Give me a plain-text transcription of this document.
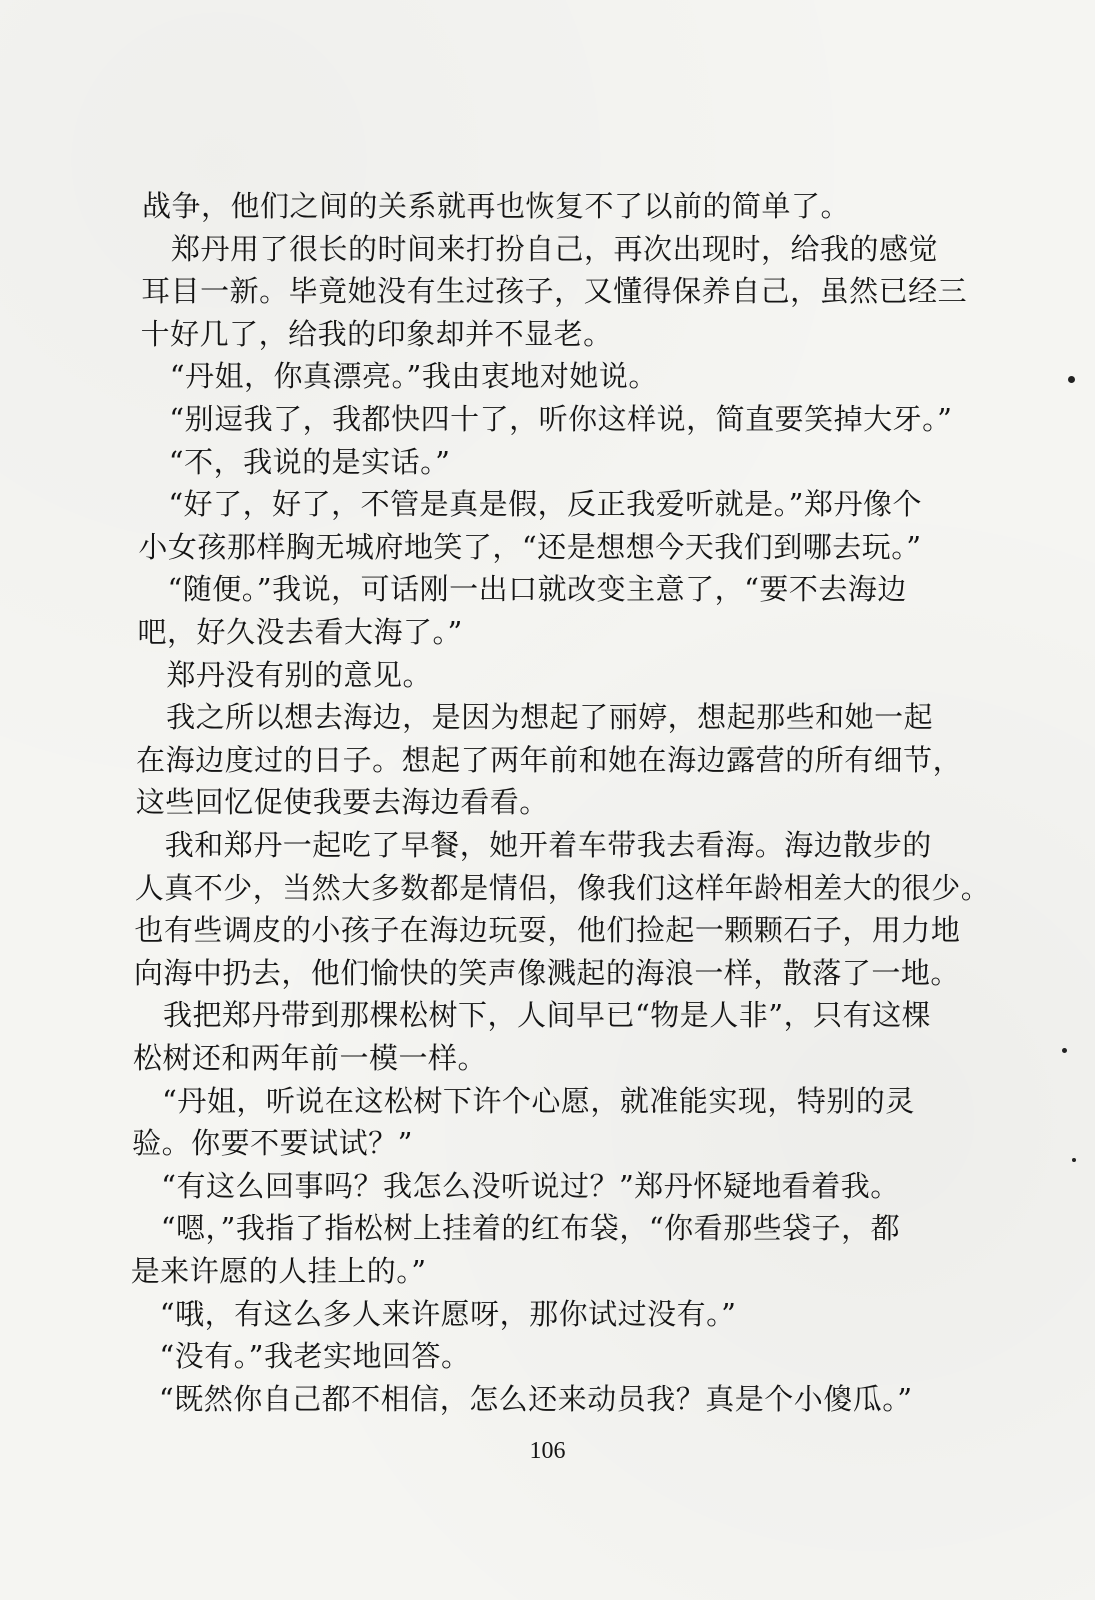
战争，他们之间的关系就再也恢复不了以前的简单了。
　郑丹用了很长的时间来打扮自己，再次出现时，给我的感觉
耳目一新。毕竟她没有生过孩子，又懂得保养自己，虽然已经三
十好几了，给我的印象却并不显老。
　“丹姐，你真漂亮。”我由衷地对她说。
　“别逗我了，我都快四十了，听你这样说，简直要笑掉大牙。”
　“不，我说的是实话。”
　“好了，好了，不管是真是假，反正我爱听就是。”郑丹像个
小女孩那样胸无城府地笑了，“还是想想今天我们到哪去玩。”
　“随便。”我说，可话刚一出口就改变主意了，“要不去海边
吧，好久没去看大海了。”
　郑丹没有别的意见。
　我之所以想去海边，是因为想起了丽婷，想起那些和她一起
在海边度过的日子。想起了两年前和她在海边露营的所有细节，
这些回忆促使我要去海边看看。
　我和郑丹一起吃了早餐，她开着车带我去看海。海边散步的
人真不少，当然大多数都是情侣，像我们这样年龄相差大的很少。
也有些调皮的小孩子在海边玩耍，他们捡起一颗颗石子，用力地
向海中扔去，他们愉快的笑声像溅起的海浪一样，散落了一地。
　我把郑丹带到那棵松树下，人间早已“物是人非”，只有这棵
松树还和两年前一模一样。
　“丹姐，听说在这松树下许个心愿，就准能实现，特别的灵
验。你要不要试试？”
　“有这么回事吗？我怎么没听说过？”郑丹怀疑地看着我。
　“嗯，”我指了指松树上挂着的红布袋，“你看那些袋子，都
是来许愿的人挂上的。”
　“哦，有这么多人来许愿呀，那你试过没有。”
　“没有。”我老实地回答。
　“既然你自己都不相信，怎么还来动员我？真是个小傻瓜。”
106
